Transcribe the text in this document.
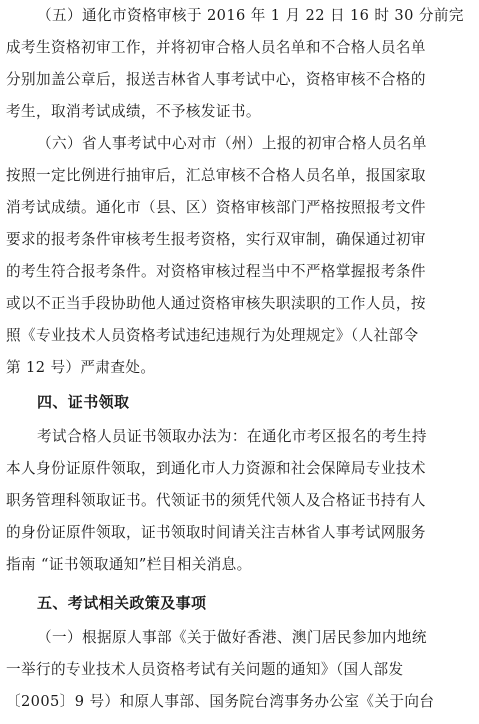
（五）通化市资格审核于 2016 年 1 月 22 日 16 时 30 分前完
成考生资格初审工作，并将初审合格人员名单和不合格人员名单
分别加盖公章后，报送吉林省人事考试中心，资格审核不合格的
考生，取消考试成绩，不予核发证书。
（六）省人事考试中心对市（州）上报的初审合格人员名单
按照一定比例进行抽审后，汇总审核不合格人员名单，报国家取
消考试成绩。通化市（县、区）资格审核部门严格按照报考文件
要求的报考条件审核考生报考资格，实行双审制，确保通过初审
的考生符合报考条件。对资格审核过程当中不严格掌握报考条件
或以不正当手段协助他人通过资格审核失职渎职的工作人员，按
照《专业技术人员资格考试违纪违规行为处理规定》（人社部令
第 12 号）严肃查处。
四、证书领取
考试合格人员证书领取办法为：在通化市考区报名的考生持
本人身份证原件领取，到通化市人力资源和社会保障局专业技术
职务管理科领取证书。代领证书的须凭代领人及合格证书持有人
的身份证原件领取，证书领取时间请关注吉林省人事考试网服务
指南 “证书领取通知”栏目相关消息。
五、考试相关政策及事项
（一）根据原人事部《关于做好香港、澳门居民参加内地统
一举行的专业技术人员资格考试有关问题的通知》（国人部发
〔2005〕9 号）和原人事部、国务院台湾事务办公室《关于向台
